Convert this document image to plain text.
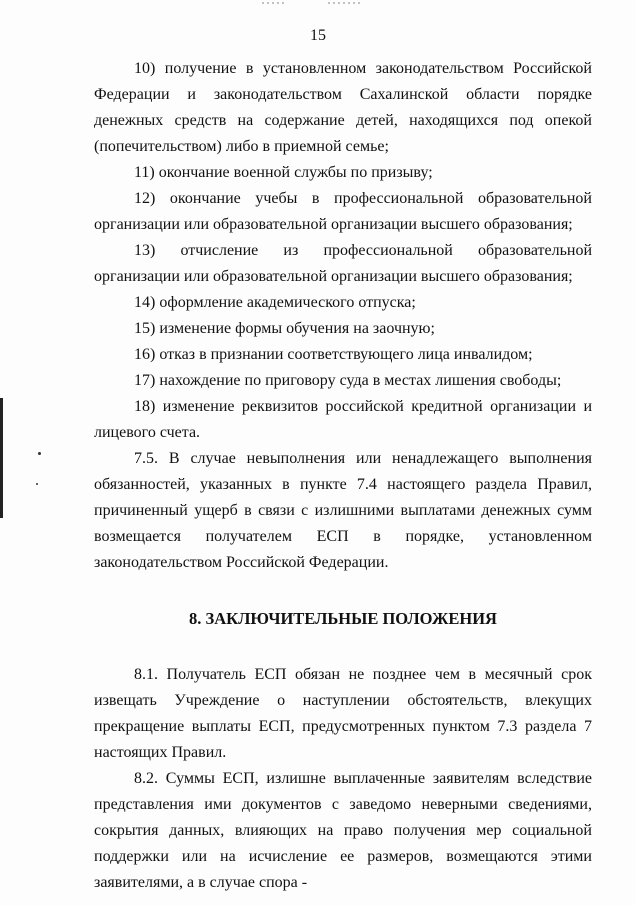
15

10) получение в установленном законодательством Российской Федерации и законодательством Сахалинской области порядке денежных средств на содержание детей, находящихся под опекой (попечительством) либо в приемной семье;

11) окончание военной службы по призыву;

12) окончание учебы в профессиональной образовательной организации или образовательной организации высшего образования;

13) отчисление из профессиональной образовательной организации или образовательной организации высшего образования;

14) оформление академического отпуска;

15) изменение формы обучения на заочную;

16) отказ в признании соответствующего лица инвалидом;

17) нахождение по приговору суда в местах лишения свободы;

18) изменение реквизитов российской кредитной организации и лицевого счета.

7.5. В случае невыполнения или ненадлежащего выполнения обязанностей, указанных в пункте 7.4 настоящего раздела Правил, причиненный ущерб в связи с излишними выплатами денежных сумм возмещается получателем ЕСП в порядке, установленном законодательством Российской Федерации.

8. ЗАКЛЮЧИТЕЛЬНЫЕ ПОЛОЖЕНИЯ

8.1. Получатель ЕСП обязан не позднее чем в месячный срок извещать Учреждение о наступлении обстоятельств, влекущих прекращение выплаты ЕСП, предусмотренных пунктом 7.3 раздела 7 настоящих Правил.

8.2. Суммы ЕСП, излишне выплаченные заявителям вследствие представления ими документов с заведомо неверными сведениями, сокрытия данных, влияющих на право получения мер социальной поддержки или на исчисление ее размеров, возмещаются этими заявителями, а в случае спора -
